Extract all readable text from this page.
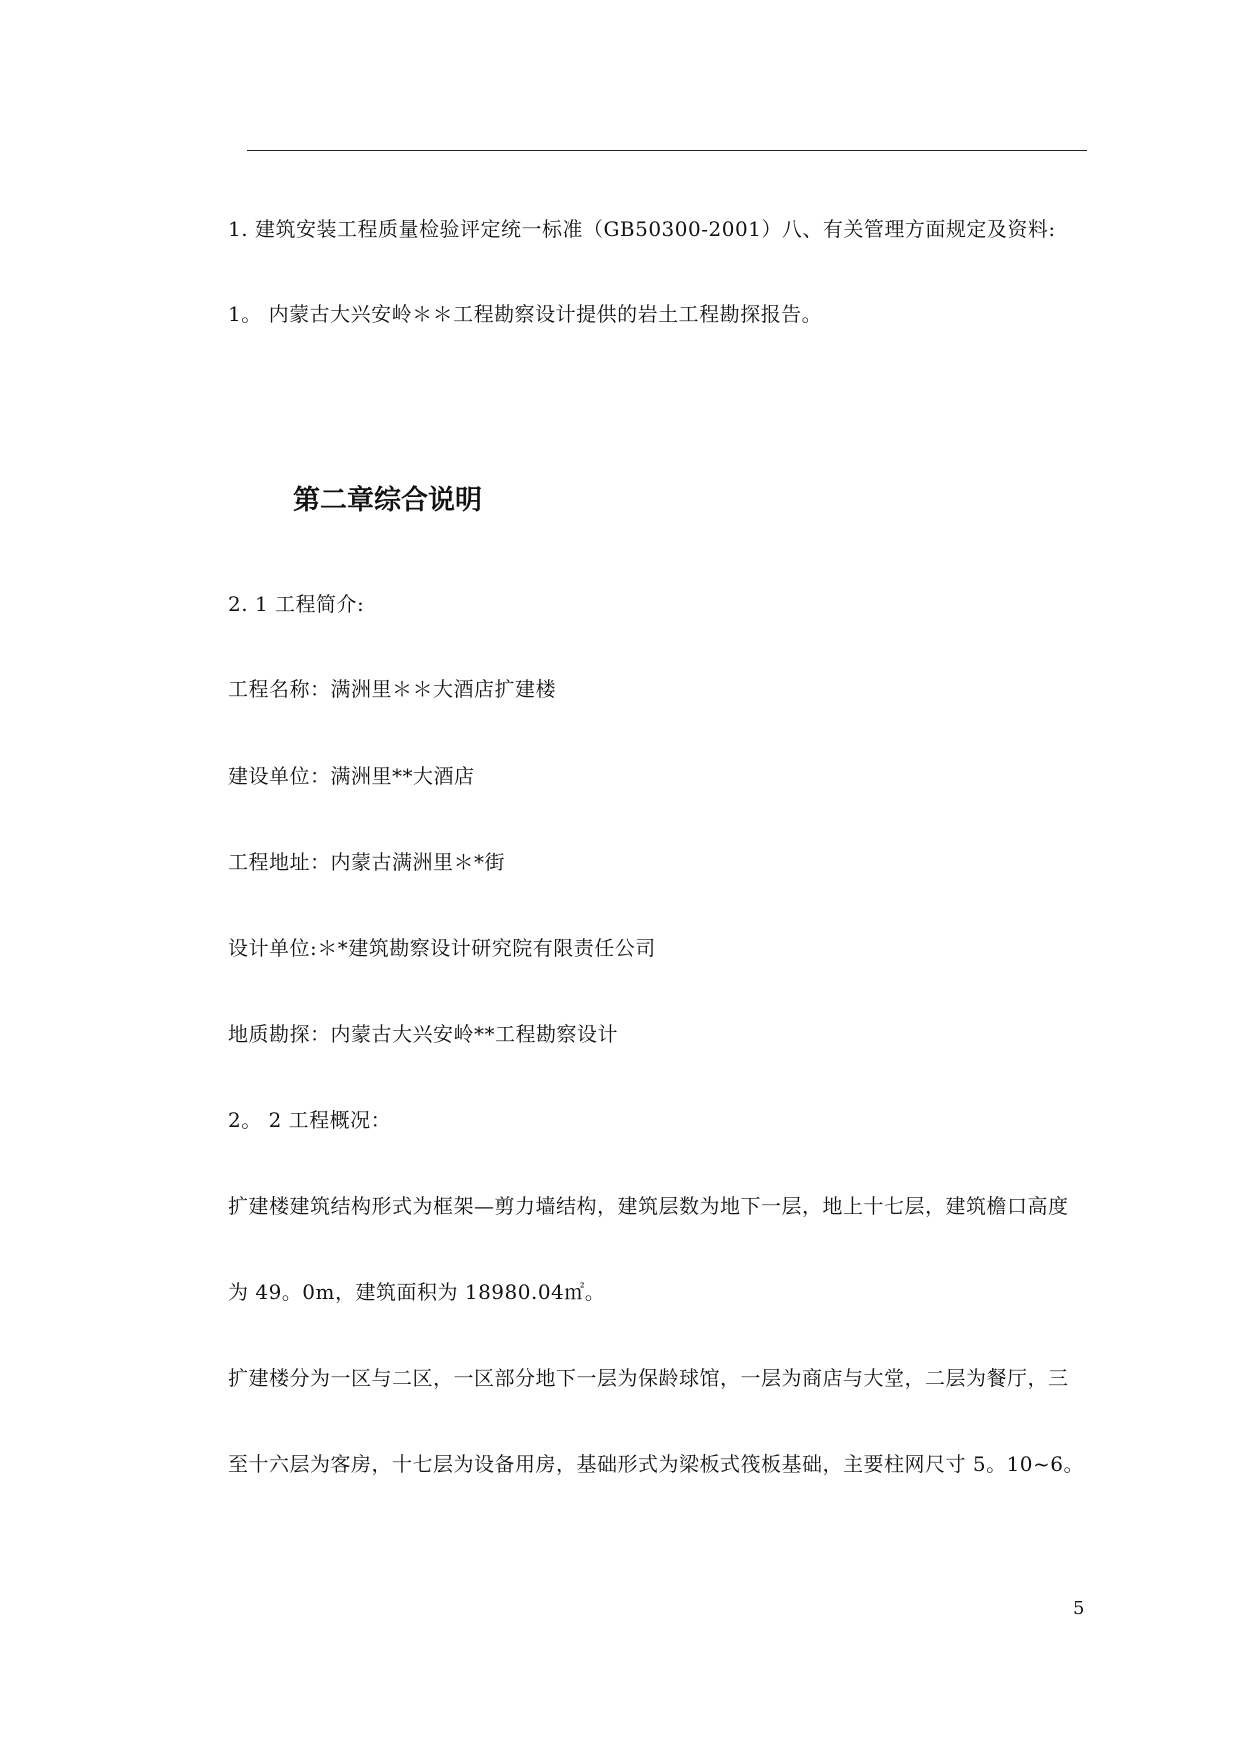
1. 建筑安装工程质量检验评定统一标准（GB50300-2001）八、有关管理方面规定及资料:
1。 内蒙古大兴安岭＊＊工程勘察设计提供的岩土工程勘探报告。
第二章综合说明
2. 1 工程简介:
工程名称：满洲里＊＊大酒店扩建楼
建设单位：满洲里**大酒店
工程地址：内蒙古满洲里＊*街
设计单位:＊*建筑勘察设计研究院有限责任公司
地质勘探：内蒙古大兴安岭**工程勘察设计
2。 2 工程概况：
扩建楼建筑结构形式为框架—剪力墙结构，建筑层数为地下一层，地上十七层，建筑檐口高度
为 49。0m，建筑面积为 18980.04㎡。
扩建楼分为一区与二区，一区部分地下一层为保龄球馆，一层为商店与大堂，二层为餐厅，三
至十六层为客房，十七层为设备用房，基础形式为梁板式筏板基础，主要柱网尺寸 5。10~6。
5
